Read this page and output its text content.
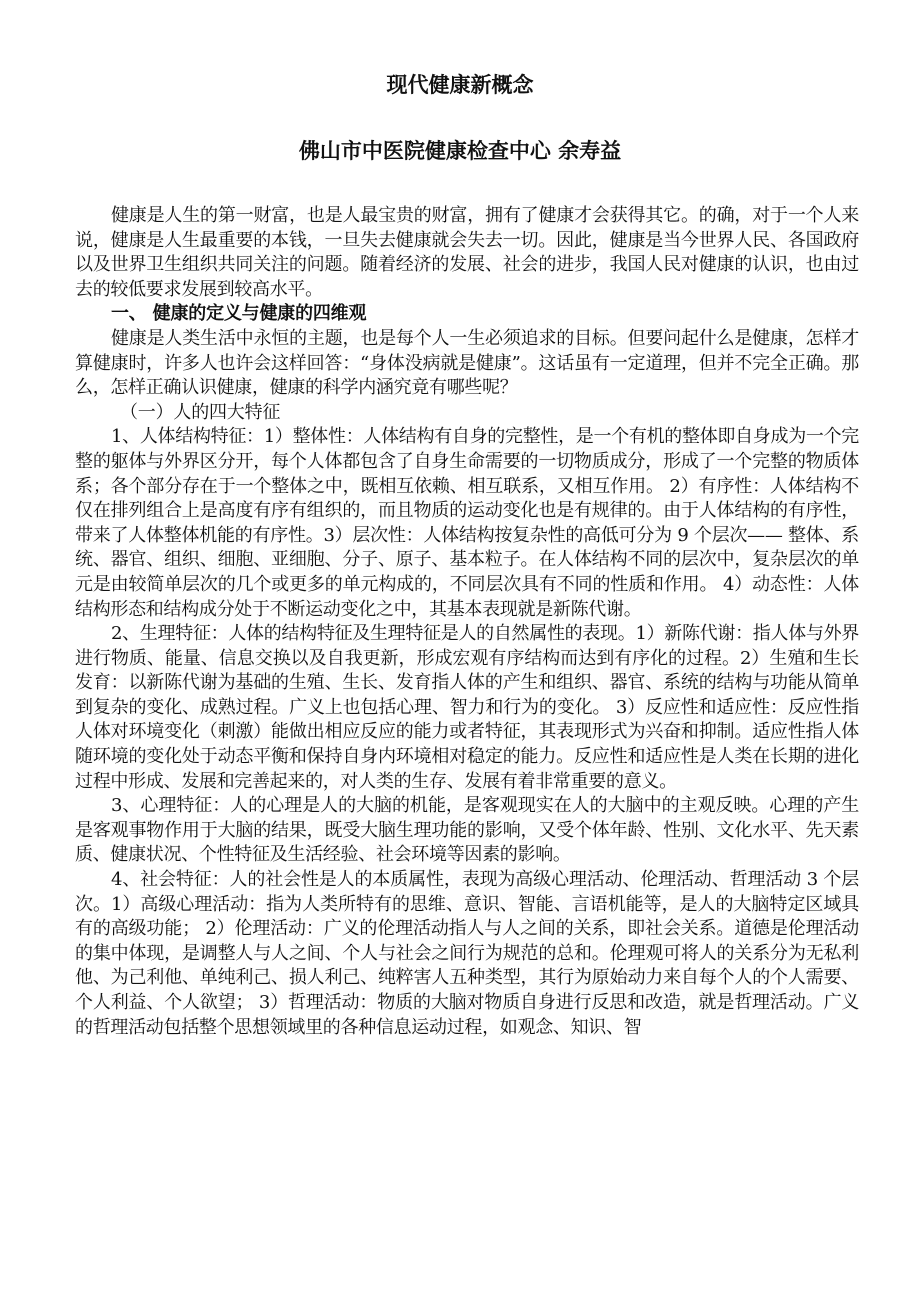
现代健康新概念
佛山市中医院健康检查中心 余寿益

健康是人生的第一财富，也是人最宝贵的财富，拥有了健康才会获得其它。的确，对于一个人来说，健康是人生最重要的本钱，一旦失去健康就会失去一切。因此，健康是当今世界人民、各国政府以及世界卫生组织共同关注的问题。随着经济的发展、社会的进步，我国人民对健康的认识，也由过去的较低要求发展到较高水平。

一、 健康的定义与健康的四维观

健康是人类生活中永恒的主题，也是每个人一生必须追求的目标。但要问起什么是健康，怎样才算健康时，许多人也许会这样回答：“身体没病就是健康”。这话虽有一定道理，但并不完全正确。那么，怎样正确认识健康，健康的科学内涵究竟有哪些呢？

（一）人的四大特征

1、人体结构特征：1）整体性：人体结构有自身的完整性，是一个有机的整体即自身成为一个完整的躯体与外界区分开，每个人体都包含了自身生命需要的一切物质成分，形成了一个完整的物质体系；各个部分存在于一个整体之中，既相互依赖、相互联系，又相互作用。 2）有序性：人体结构不仅在排列组合上是高度有序有组织的，而且物质的运动变化也是有规律的。由于人体结构的有序性，带来了人体整体机能的有序性。3）层次性：人体结构按复杂性的高低可分为 9 个层次—— 整体、系统、器官、组织、细胞、亚细胞、分子、原子、基本粒子。在人体结构不同的层次中，复杂层次的单元是由较简单层次的几个或更多的单元构成的，不同层次具有不同的性质和作用。 4）动态性：人体结构形态和结构成分处于不断运动变化之中，其基本表现就是新陈代谢。

2、生理特征：人体的结构特征及生理特征是人的自然属性的表现。1）新陈代谢：指人体与外界进行物质、能量、信息交换以及自我更新，形成宏观有序结构而达到有序化的过程。2）生殖和生长发育：以新陈代谢为基础的生殖、生长、发育指人体的产生和组织、器官、系统的结构与功能从简单到复杂的变化、成熟过程。广义上也包括心理、智力和行为的变化。 3）反应性和适应性：反应性指人体对环境变化（刺激）能做出相应反应的能力或者特征，其表现形式为兴奋和抑制。适应性指人体随环境的变化处于动态平衡和保持自身内环境相对稳定的能力。反应性和适应性是人类在长期的进化过程中形成、发展和完善起来的，对人类的生存、发展有着非常重要的意义。

3、心理特征：人的心理是人的大脑的机能，是客观现实在人的大脑中的主观反映。心理的产生是客观事物作用于大脑的结果，既受大脑生理功能的影响，又受个体年龄、性别、文化水平、先天素质、健康状况、个性特征及生活经验、社会环境等因素的影响。

4、社会特征：人的社会性是人的本质属性，表现为高级心理活动、伦理活动、哲理活动 3 个层次。1）高级心理活动：指为人类所特有的思维、意识、智能、言语机能等，是人的大脑特定区域具有的高级功能； 2）伦理活动：广义的伦理活动指人与人之间的关系，即社会关系。道德是伦理活动的集中体现，是调整人与人之间、个人与社会之间行为规范的总和。伦理观可将人的关系分为无私利他、为己利他、单纯利己、损人利己、纯粹害人五种类型，其行为原始动力来自每个人的个人需要、个人利益、个人欲望； 3）哲理活动：物质的大脑对物质自身进行反思和改造，就是哲理活动。广义的哲理活动包括整个思想领域里的各种信息运动过程，如观念、知识、智
